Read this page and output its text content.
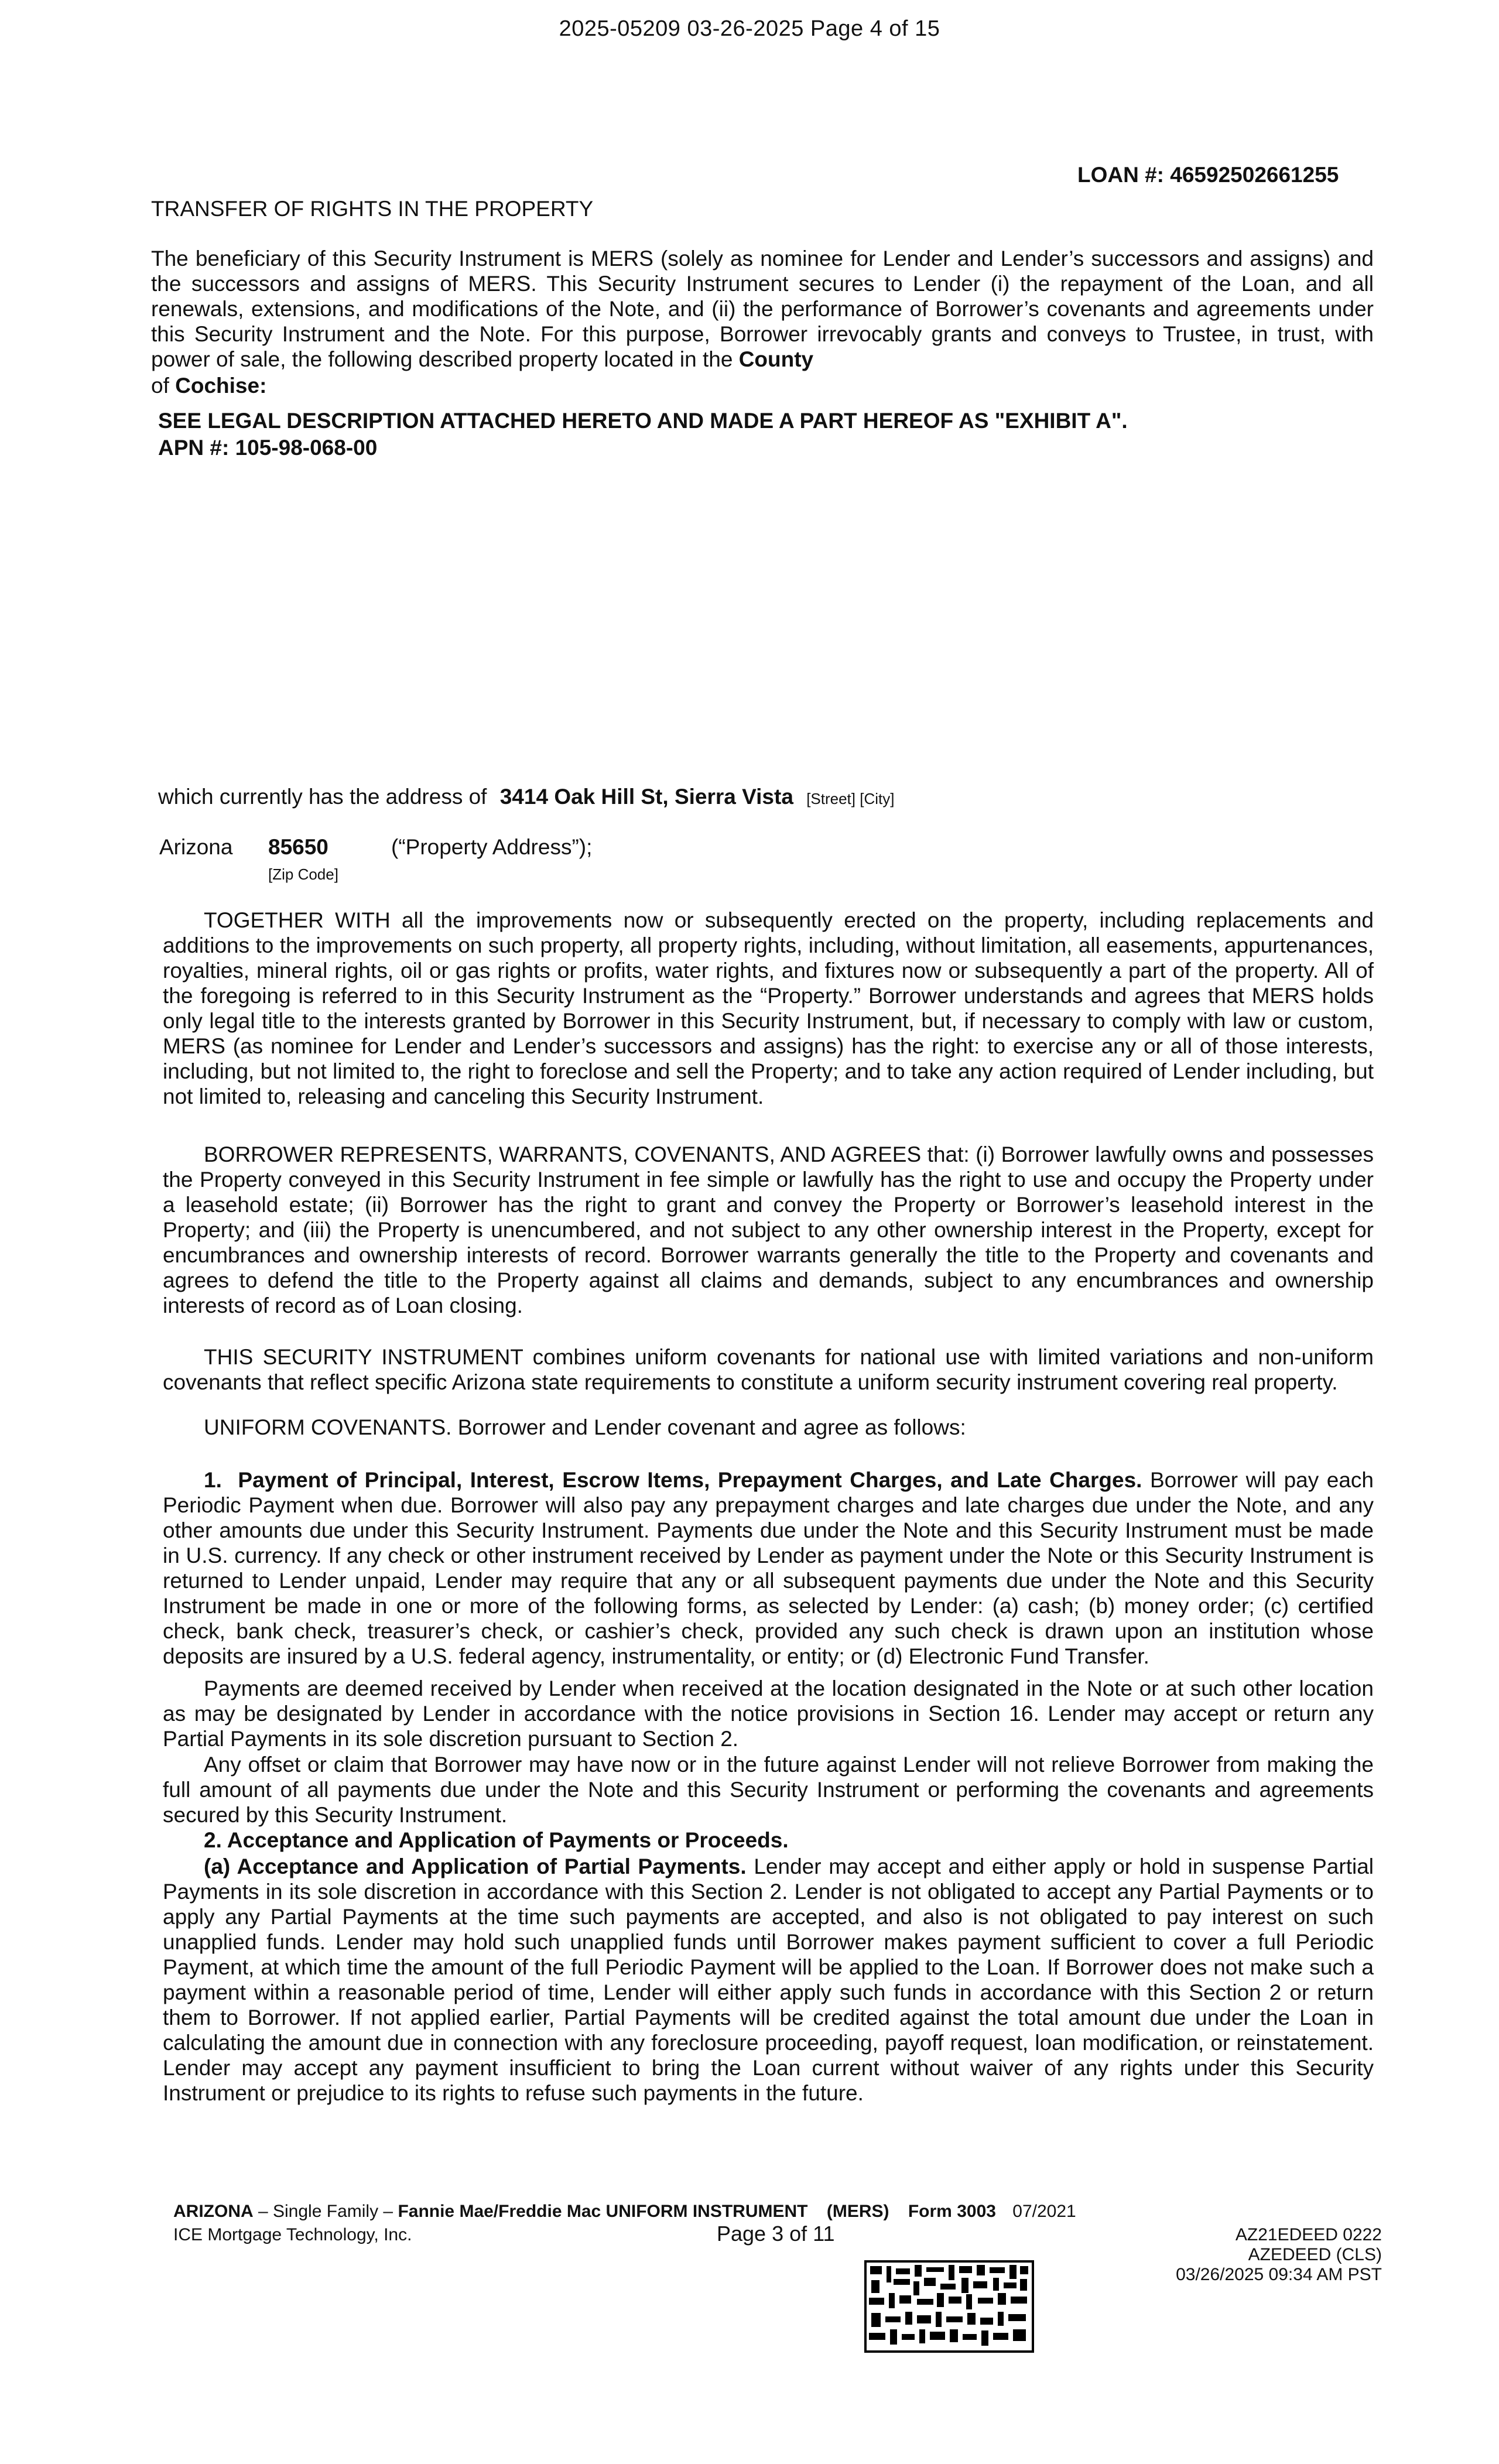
2025-05209 03-26-2025 Page 4 of 15
LOAN #: 46592502661255
TRANSFER OF RIGHTS IN THE PROPERTY
The beneficiary of this Security Instrument is MERS (solely as nominee for Lender and Lender’s successors and assigns) and the successors and assigns of MERS. This Security Instrument secures to Lender (i) the repayment of the Loan, and all renewals, extensions, and modifications of the Note, and (ii) the performance of Borrower’s covenants and agreements under this Security Instrument and the Note. For this purpose, Borrower irrevocably grants and conveys to Trustee, in trust, with power of sale, the following described property located in the County
of Cochise:
SEE LEGAL DESCRIPTION ATTACHED HERETO AND MADE A PART HEREOF AS "EXHIBIT A".
APN #: 105-98-068-00
which currently has the address of 3414 Oak Hill St, Sierra Vista [Street] [City]
Arizona 85650	(“Property Address”);
[Zip Code]
TOGETHER WITH all the improvements now or subsequently erected on the property, including replacements and additions to the improvements on such property, all property rights, including, without limitation, all easements, appurtenances, royalties, mineral rights, oil or gas rights or profits, water rights, and fixtures now or subsequently a part of the property. All of the foregoing is referred to in this Security Instrument as the “Property.” Borrower understands and agrees that MERS holds only legal title to the interests granted by Borrower in this Security Instrument, but, if necessary to comply with law or custom, MERS (as nominee for Lender and Lender’s successors and assigns) has the right: to exercise any or all of those interests, including, but not limited to, the right to foreclose and sell the Property; and to take any action required of Lender including, but not limited to, releasing and canceling this Security Instrument.
BORROWER REPRESENTS, WARRANTS, COVENANTS, AND AGREES that: (i) Borrower lawfully owns and possesses the Property conveyed in this Security Instrument in fee simple or lawfully has the right to use and occupy the Property under a leasehold estate; (ii) Borrower has the right to grant and convey the Property or Borrower’s leasehold interest in the Property; and (iii) the Property is unencumbered, and not subject to any other ownership interest in the Property, except for encumbrances and ownership interests of record. Borrower warrants generally the title to the Property and covenants and agrees to defend the title to the Property against all claims and demands, subject to any encumbrances and ownership interests of record as of Loan closing.
THIS SECURITY INSTRUMENT combines uniform covenants for national use with limited variations and non-uniform covenants that reflect specific Arizona state requirements to constitute a uniform security instrument covering real property.
UNIFORM COVENANTS. Borrower and Lender covenant and agree as follows:
1. Payment of Principal, Interest, Escrow Items, Prepayment Charges, and Late Charges. Borrower will pay each Periodic Payment when due. Borrower will also pay any prepayment charges and late charges due under the Note, and any other amounts due under this Security Instrument. Payments due under the Note and this Security Instrument must be made in U.S. currency. If any check or other instrument received by Lender as payment under the Note or this Security Instrument is returned to Lender unpaid, Lender may require that any or all subsequent payments due under the Note and this Security Instrument be made in one or more of the following forms, as selected by Lender: (a) cash; (b) money order; (c) certified check, bank check, treasurer’s check, or cashier’s check, provided any such check is drawn upon an institution whose deposits are insured by a U.S. federal agency, instrumentality, or entity; or (d) Electronic Fund Transfer.
Payments are deemed received by Lender when received at the location designated in the Note or at such other location as may be designated by Lender in accordance with the notice provisions in Section 16. Lender may accept or return any Partial Payments in its sole discretion pursuant to Section 2.
Any offset or claim that Borrower may have now or in the future against Lender will not relieve Borrower from making the full amount of all payments due under the Note and this Security Instrument or performing the covenants and agreements secured by this Security Instrument.
2. Acceptance and Application of Payments or Proceeds.
(a) Acceptance and Application of Partial Payments. Lender may accept and either apply or hold in suspense Partial Payments in its sole discretion in accordance with this Section 2. Lender is not obligated to accept any Partial Payments or to apply any Partial Payments at the time such payments are accepted, and also is not obligated to pay interest on such unapplied funds. Lender may hold such unapplied funds until Borrower makes payment sufficient to cover a full Periodic Payment, at which time the amount of the full Periodic Payment will be applied to the Loan. If Borrower does not make such a payment within a reasonable period of time, Lender will either apply such funds in accordance with this Section 2 or return them to Borrower. If not applied earlier, Partial Payments will be credited against the total amount due under the Loan in calculating the amount due in connection with any foreclosure proceeding, payoff request, loan modification, or reinstatement. Lender may accept any payment insufficient to bring the Loan current without waiver of any rights under this Security Instrument or prejudice to its rights to refuse such payments in the future.
ARIZONA – Single Family – Fannie Mae/Freddie Mac UNIFORM INSTRUMENT (MERS) Form 3003 07/2021
ICE Mortgage Technology, Inc.	Page 3 of 11	AZ21EDEED 0222
AZEDEED (CLS)
03/26/2025 09:34 AM PST
